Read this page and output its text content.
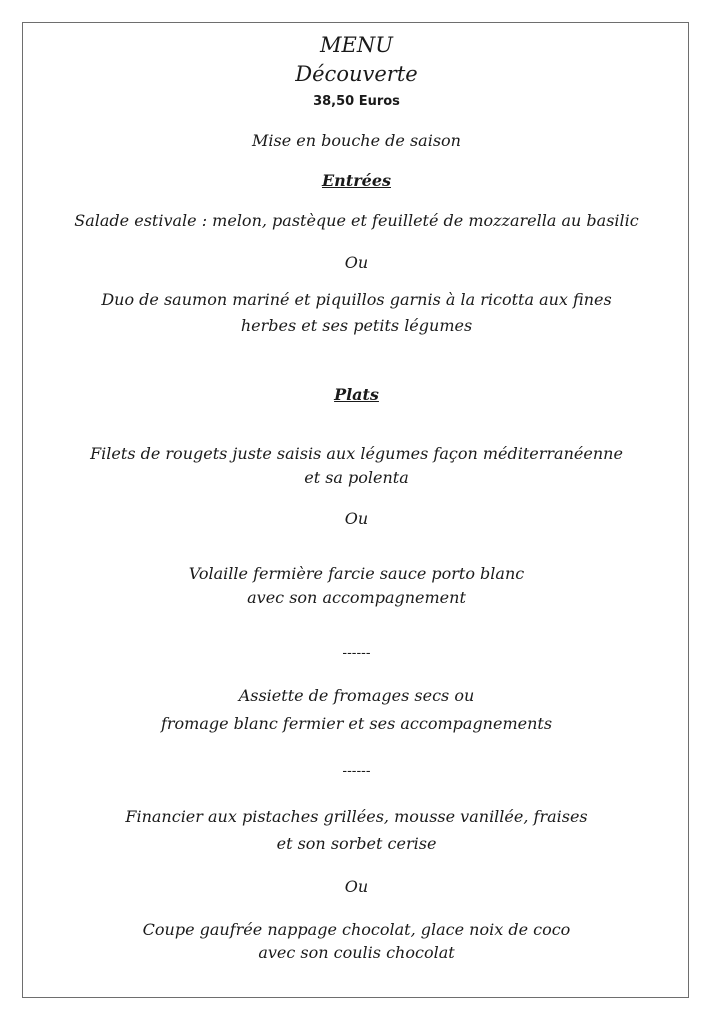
MENU
Découverte
38,50 Euros
Mise en bouche de saison
Entrées
Salade estivale : melon, pastèque et feuilleté de mozzarella au basilic
Ou
Duo de saumon mariné et piquillos garnis à la ricotta aux fines
herbes et ses petits légumes
Plats
Filets de rougets juste saisis aux légumes façon méditerranéenne
et sa polenta
Ou
Volaille fermière farcie sauce porto blanc
avec son accompagnement
------
Assiette de fromages secs ou
fromage blanc fermier et ses accompagnements
------
Financier aux pistaches grillées, mousse vanillée, fraises
et son sorbet cerise
Ou
Coupe gaufrée nappage chocolat, glace noix de coco
avec son coulis chocolat
